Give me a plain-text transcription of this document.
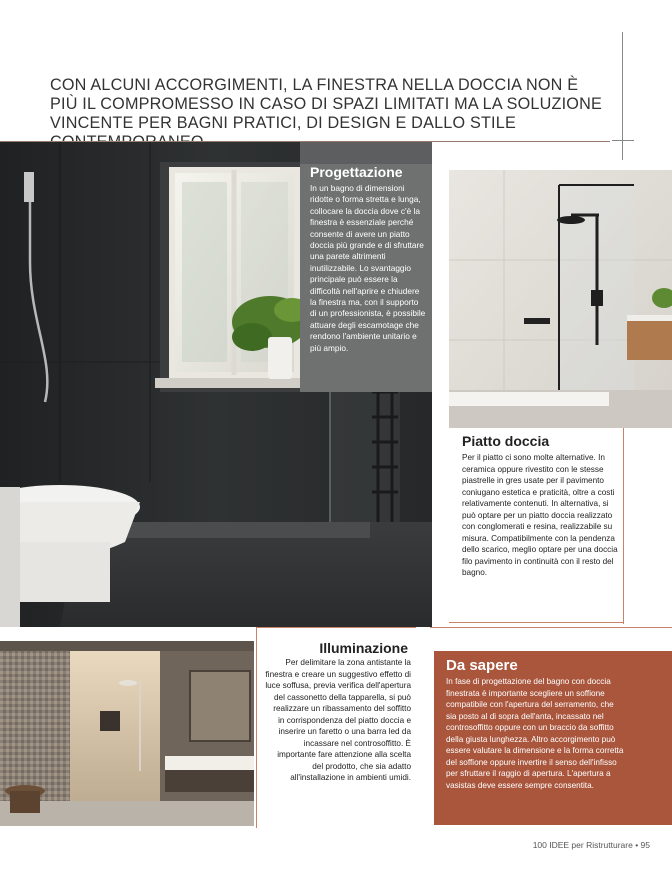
CON ALCUNI ACCORGIMENTI, LA FINESTRA NELLA DOCCIA NON È PIÙ IL COMPROMESSO IN CASO DI SPAZI LIMITATI MA LA SOLUZIONE VINCENTE PER BAGNI PRATICI, DI DESIGN E DALLO STILE
Progettazione
In un bagno di dimensioni ridotte o forma stretta e lunga, collocare la doccia dove c'è la finestra è essenziale perché consente di avere un piatto doccia più grande e di sfruttare una parete altrimenti inutilizzabile. Lo svantaggio principale può essere la difficoltà nell'aprire e chiudere la finestra ma, con il supporto di un professionista, è possibile attuare degli escamotage che rendono l'ambiente unitario e più ampio.
Piatto doccia
Per il piatto ci sono molte alternative. In ceramica oppure rivestito con le stesse piastrelle in gres usate per il pavimento coniugano estetica e praticità, oltre a costi relativamente contenuti. In alternativa, si può optare per un piatto doccia realizzato con conglomerati e resina, realizzabile su misura. Compatibilmente con la pendenza dello scarico, meglio optare per una doccia filo pavimento in continuità con il resto del bagno.
Illuminazione
Per delimitare la zona antistante la finestra e creare un suggestivo effetto di luce soffusa, previa verifica dell'apertura del cassonetto della tapparella, si può realizzare un ribassamento del soffitto in corrispondenza del piatto doccia e inserire un faretto o una barra led da incassare nel controsoffitto. È importante fare attenzione alla scelta del prodotto, che sia adatto all'installazione in ambienti umidi.
Da sapere
In fase di progettazione del bagno con doccia finestrata è importante scegliere un soffione compatibile con l'apertura del serramento, che sia posto al di sopra dell'anta, incassato nel controsoffitto oppure con un braccio da soffitto della giusta lunghezza. Altro accorgimento può essere valutare la dimensione e la forma corretta del soffione oppure invertire il senso dell'infisso per sfruttare il raggio di apertura. L'apertura a vasistas deve essere sempre consentita.
100 IDEE per Ristrutturare • 95
